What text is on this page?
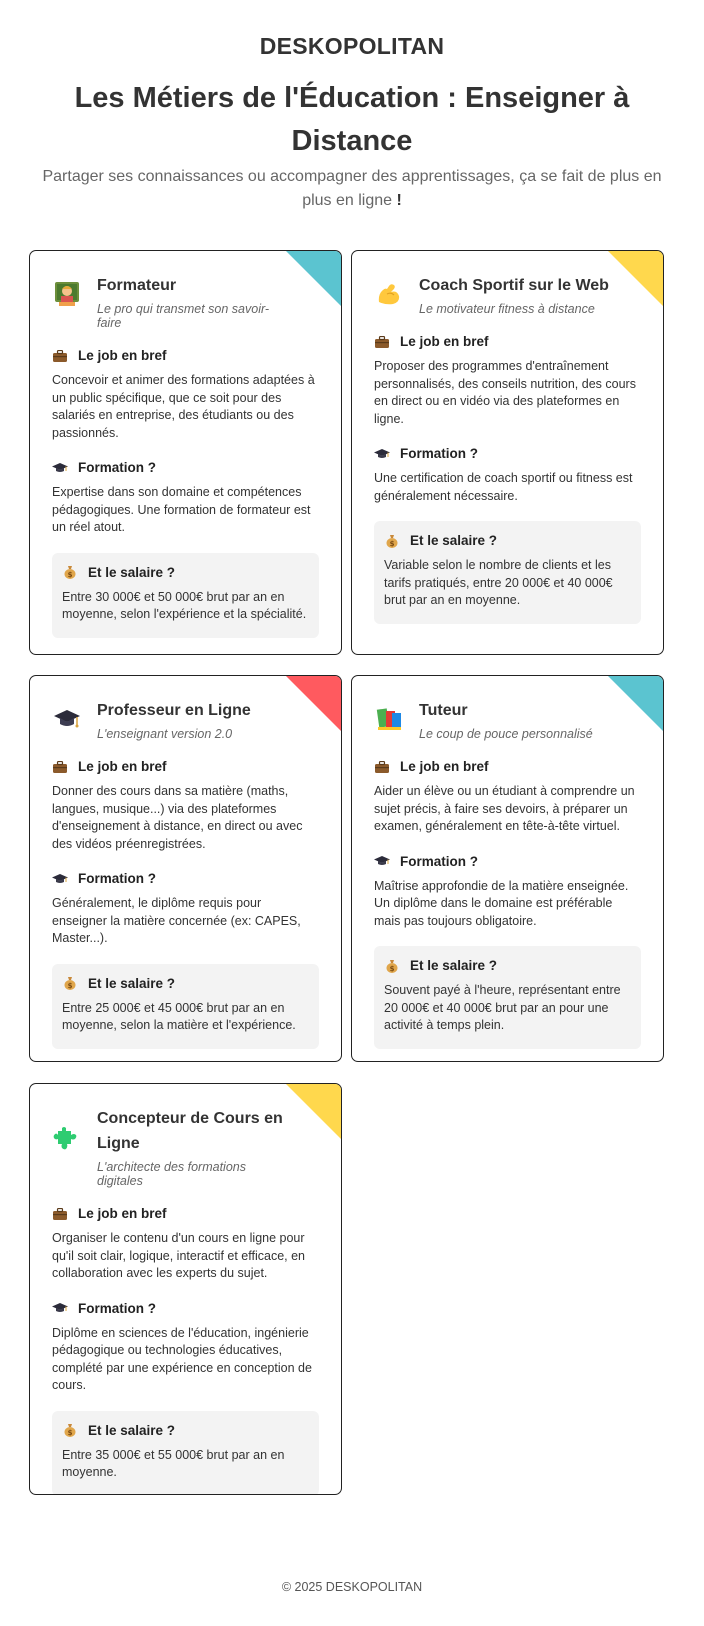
DESKOPOLITAN
Les Métiers de l'Éducation : Enseigner à Distance

Partager ses connaissances ou accompagner des apprentissages, ça se fait de plus en plus en ligne !

Formateur
Le pro qui transmet son savoir-faire
Le job en bref
Concevoir et animer des formations adaptées à un public spécifique, que ce soit pour des salariés en entreprise, des étudiants ou des passionnés.
Formation ?
Expertise dans son domaine et compétences pédagogiques. Une formation de formateur est un réel atout.
$ Et le salaire ?
Entre 30 000€ et 50 000€ brut par an en moyenne, selon l'expérience et la spécialité.
Coach Sportif sur le Web
Le motivateur fitness à distance
Le job en bref
Proposer des programmes d'entraînement personnalisés, des conseils nutrition, des cours en direct ou en vidéo via des plateformes en ligne.
Formation ?
Une certification de coach sportif ou fitness est généralement nécessaire.
$ Et le salaire ?
Variable selon le nombre de clients et les tarifs pratiqués, entre 20 000€ et 40 000€ brut par an en moyenne.
Professeur en Ligne
L'enseignant version 2.0
Le job en bref
Donner des cours dans sa matière (maths, langues, musique...) via des plateformes d'enseignement à distance, en direct ou avec des vidéos préenregistrées.
Formation ?
Généralement, le diplôme requis pour enseigner la matière concernée (ex: CAPES, Master...).
$ Et le salaire ?
Entre 25 000€ et 45 000€ brut par an en moyenne, selon la matière et l'expérience.
Tuteur
Le coup de pouce personnalisé
Le job en bref
Aider un élève ou un étudiant à comprendre un sujet précis, à faire ses devoirs, à préparer un examen, généralement en tête-à-tête virtuel.
Formation ?
Maîtrise approfondie de la matière enseignée. Un diplôme dans le domaine est préférable mais pas toujours obligatoire.
$ Et le salaire ?
Souvent payé à l'heure, représentant entre 20 000€ et 40 000€ brut par an pour une activité à temps plein.
Concepteur de Cours en Ligne
L'architecte des formations digitales
Le job en bref
Organiser le contenu d'un cours en ligne pour qu'il soit clair, logique, interactif et efficace, en collaboration avec les experts du sujet.
Formation ?
Diplôme en sciences de l'éducation, ingénierie pédagogique ou technologies éducatives, complété par une expérience en conception de cours.
$ Et le salaire ?
Entre 35 000€ et 55 000€ brut par an en moyenne.
© 2025 DESKOPOLITAN
